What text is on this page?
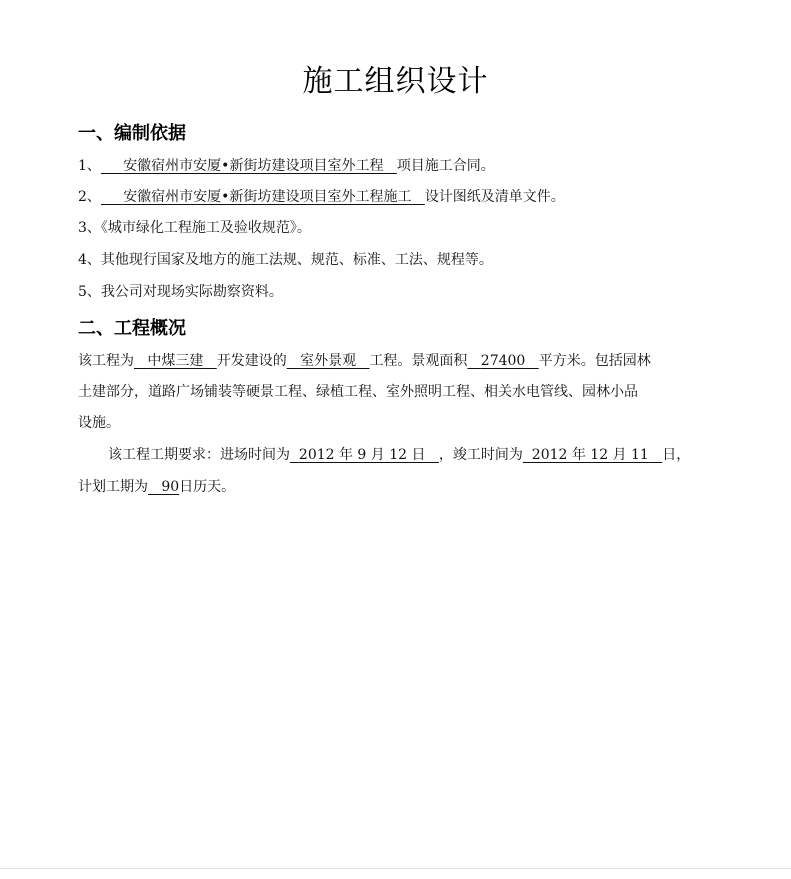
施工组织设计
一、编制依据
1、 安徽宿州市安厦•新街坊建设项目室外工程 项目施工合同。
2、 安徽宿州市安厦•新街坊建设项目室外工程施工 设计图纸及清单文件。
3、《城市绿化工程施工及验收规范》。
4、其他现行国家及地方的施工法规、规范、标准、工法、规程等。
5、我公司对现场实际勘察资料。
二、工程概况
该工程为 中煤三建 开发建设的 室外景观 工程。景观面积 27400 平方米。包括园林
土建部分，道路广场铺装等硬景工程、绿植工程、室外照明工程、相关水电管线、园林小品
设施。
该工程工期要求：进场时间为 2012 年 9 月 12 日 ，竣工时间为 2012 年 12 月 11 日，
计划工期为 90日历天。
